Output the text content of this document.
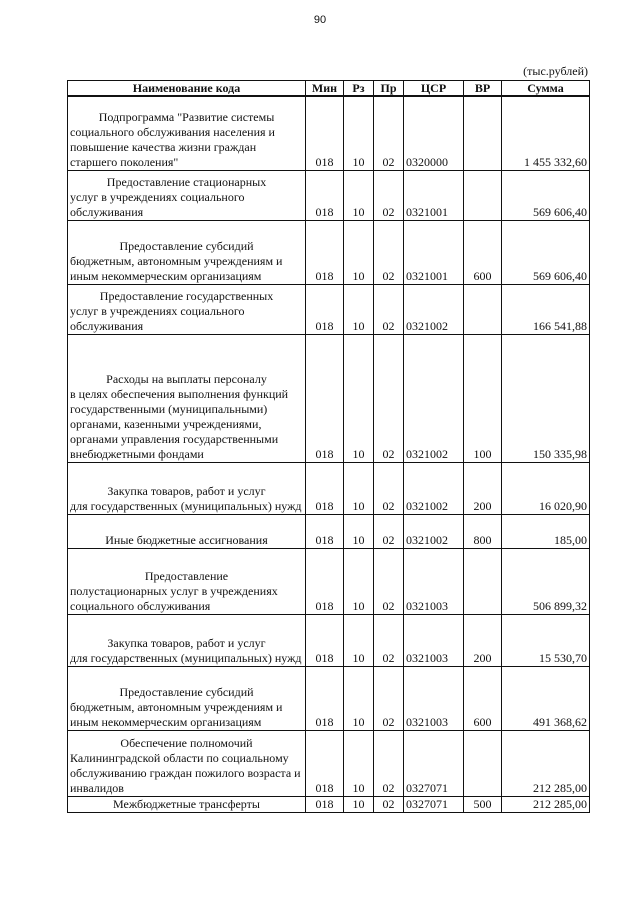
90
(тыс.рублей)
Наименование кода	Мин	Рз	Пр	ЦСР	ВР	Сумма

Подпрограмма "Развитие системы
социального обслуживания населения и повышение качества жизни граждан старшего поколения"	018	10	02	0320000		1 455 332,60

Предоставление стационарных
услуг в учреждениях социального обслуживания	018	10	02	0321001		569 606,40

Предоставление субсидий
бюджетным, автономным учреждениям и иным некоммерческим организациям	018	10	02	0321001	600	569 606,40

Предоставление государственных
услуг в учреждениях социального обслуживания	018	10	02	0321002		166 541,88

Расходы на выплаты персоналу
в целях обеспечения выполнения функций государственными (муниципальными) органами, казенными учреждениями, органами управления государственными внебюджетными фондами	018	10	02	0321002	100	150 335,98

Закупка товаров, работ и услуг
для государственных (муниципальных) нужд	018	10	02	0321002	200	16 020,90

Иные бюджетные ассигнования	018	10	02	0321002	800	185,00

Предоставление
полустационарных услуг в учреждениях социального обслуживания	018	10	02	0321003		506 899,32

Закупка товаров, работ и услуг
для государственных (муниципальных) нужд	018	10	02	0321003	200	15 530,70

Предоставление субсидий
бюджетным, автономным учреждениям и иным некоммерческим организациям	018	10	02	0321003	600	491 368,62

Обеспечение полномочий
Калининградской области по социальному обслуживанию граждан пожилого возраста и инвалидов	018	10	02	0327071		212 285,00

Межбюджетные трансферты	018	10	02	0327071	500	212 285,00
